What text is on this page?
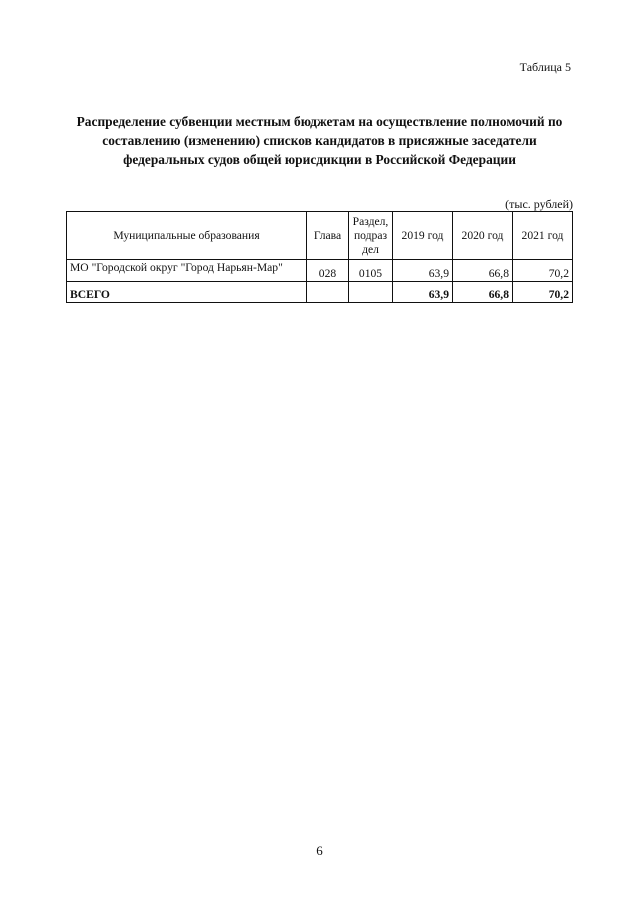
Таблица 5
Распределение субвенции местным бюджетам на осуществление полномочий по
составлению (изменению) списков кандидатов в присяжные заседатели
федеральных судов общей юрисдикции в Российской Федерации
(тыс. рублей)
Муниципальные образования	Глава	Раздел, подраз дел	2019 год	2020 год	2021 год
МО "Городской округ "Город Нарьян-Мар"	028	0105	63,9	66,8	70,2
ВСЕГО			63,9	66,8	70,2
6
